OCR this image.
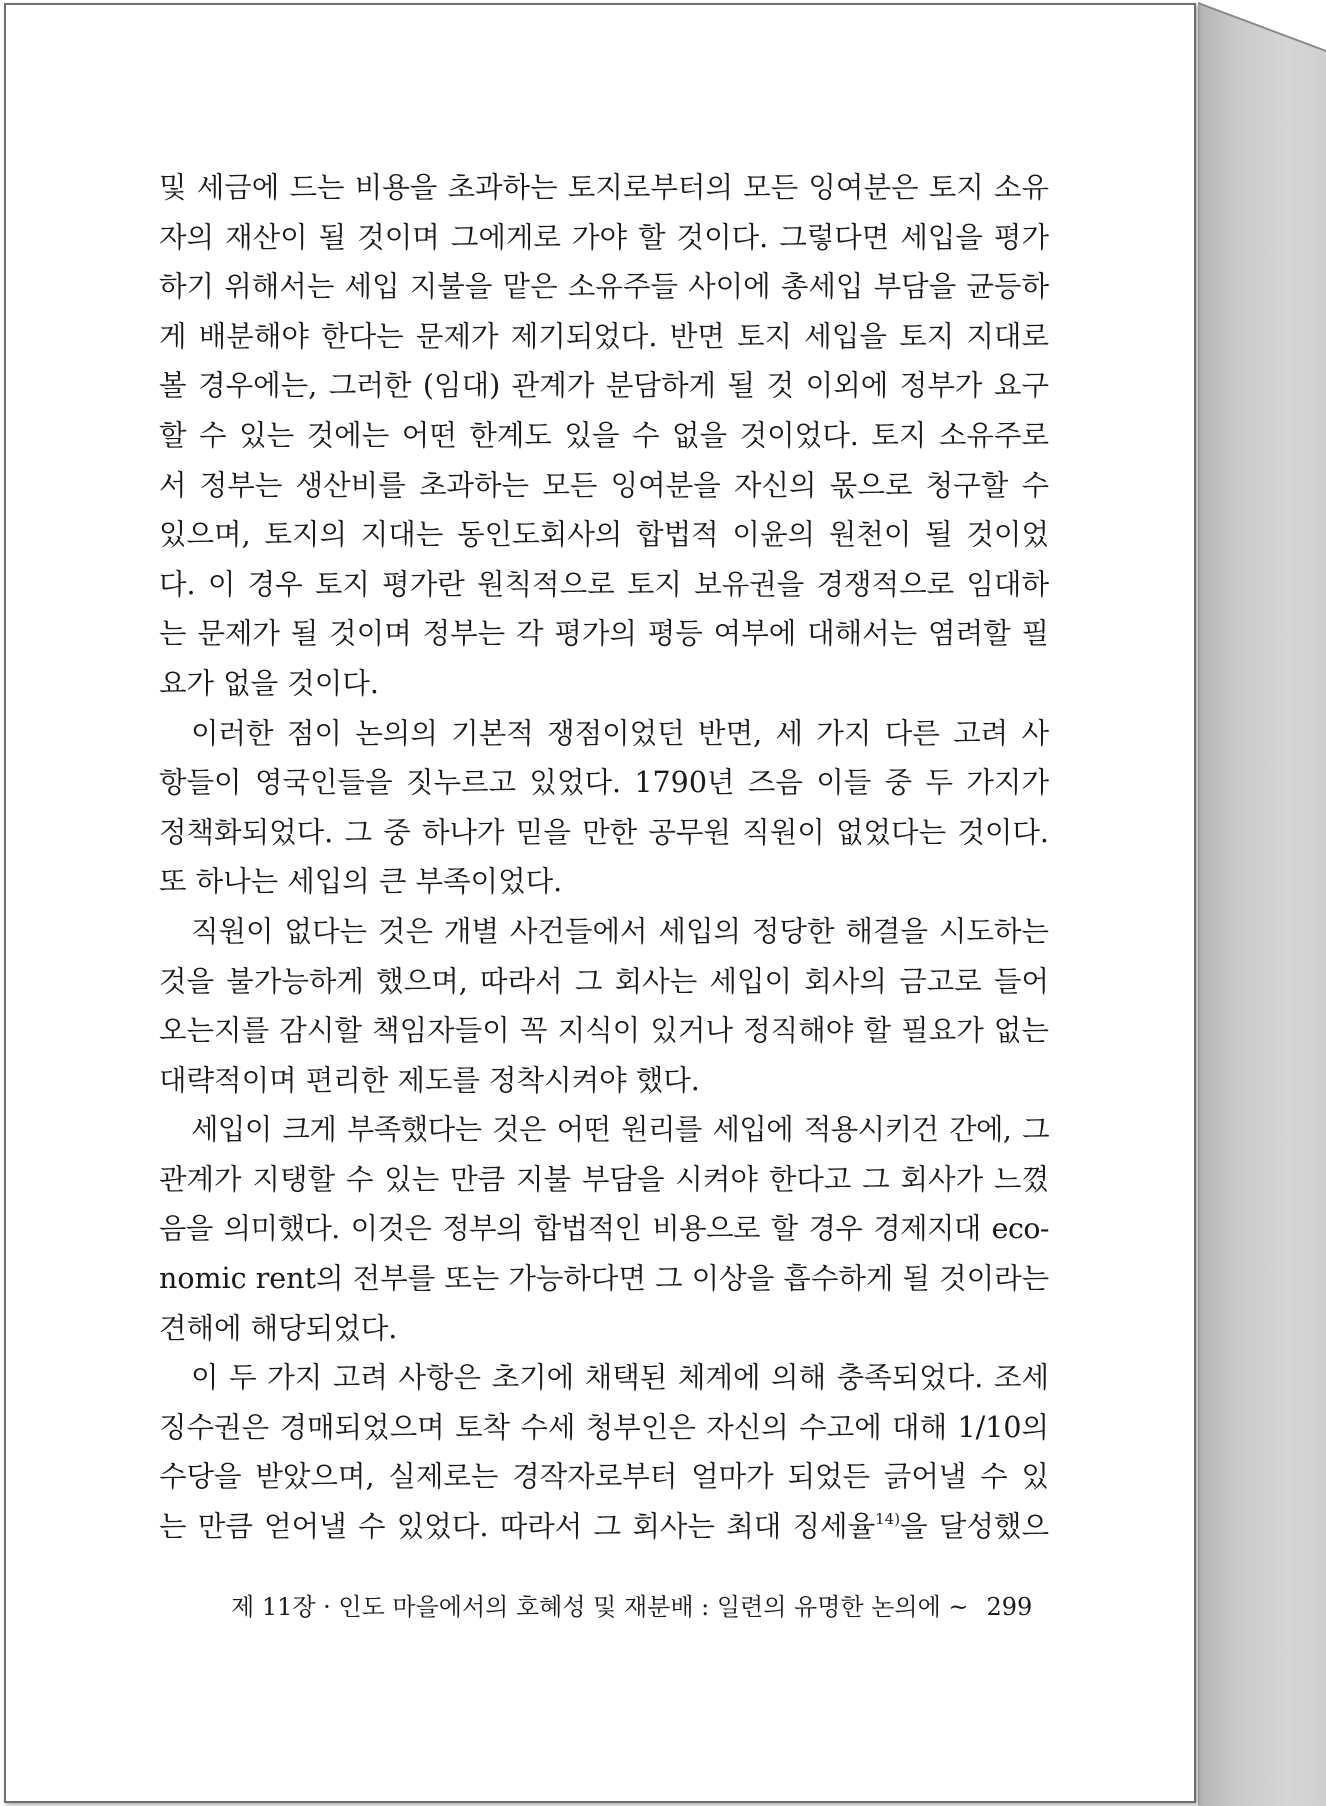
및 세금에 드는 비용을 초과하는 토지로부터의 모든 잉여분은 토지 소유
자의 재산이 될 것이며 그에게로 가야 할 것이다. 그렇다면 세입을 평가
하기 위해서는 세입 지불을 맡은 소유주들 사이에 총세입 부담을 균등하
게 배분해야 한다는 문제가 제기되었다. 반면 토지 세입을 토지 지대로
볼 경우에는, 그러한 (임대) 관계가 분담하게 될 것 이외에 정부가 요구
할 수 있는 것에는 어떤 한계도 있을 수 없을 것이었다. 토지 소유주로
서 정부는 생산비를 초과하는 모든 잉여분을 자신의 몫으로 청구할 수
있으며, 토지의 지대는 동인도회사의 합법적 이윤의 원천이 될 것이었
다. 이 경우 토지 평가란 원칙적으로 토지 보유권을 경쟁적으로 임대하
는 문제가 될 것이며 정부는 각 평가의 평등 여부에 대해서는 염려할 필
요가 없을 것이다.
이러한 점이 논의의 기본적 쟁점이었던 반면, 세 가지 다른 고려 사
항들이 영국인들을 짓누르고 있었다. 1790년 즈음 이들 중 두 가지가
정책화되었다. 그 중 하나가 믿을 만한 공무원 직원이 없었다는 것이다.
또 하나는 세입의 큰 부족이었다.
직원이 없다는 것은 개별 사건들에서 세입의 정당한 해결을 시도하는
것을 불가능하게 했으며, 따라서 그 회사는 세입이 회사의 금고로 들어
오는지를 감시할 책임자들이 꼭 지식이 있거나 정직해야 할 필요가 없는
대략적이며 편리한 제도를 정착시켜야 했다.
세입이 크게 부족했다는 것은 어떤 원리를 세입에 적용시키건 간에, 그
관계가 지탱할 수 있는 만큼 지불 부담을 시켜야 한다고 그 회사가 느꼈
음을 의미했다. 이것은 정부의 합법적인 비용으로 할 경우 경제지대 eco-
nomic rent의 전부를 또는 가능하다면 그 이상을 흡수하게 될 것이라는
견해에 해당되었다.
이 두 가지 고려 사항은 초기에 채택된 체계에 의해 충족되었다. 조세
징수권은 경매되었으며 토착 수세 청부인은 자신의 수고에 대해 1/10의
수당을 받았으며, 실제로는 경작자로부터 얼마가 되었든 긁어낼 수 있
는 만큼 얻어낼 수 있었다. 따라서 그 회사는 최대 징세율$^{14)}$을 달성했으
제 11장 · 인도 마을에서의 호혜성 및 재분배 : 일련의 유명한 논의에 ~ 299
